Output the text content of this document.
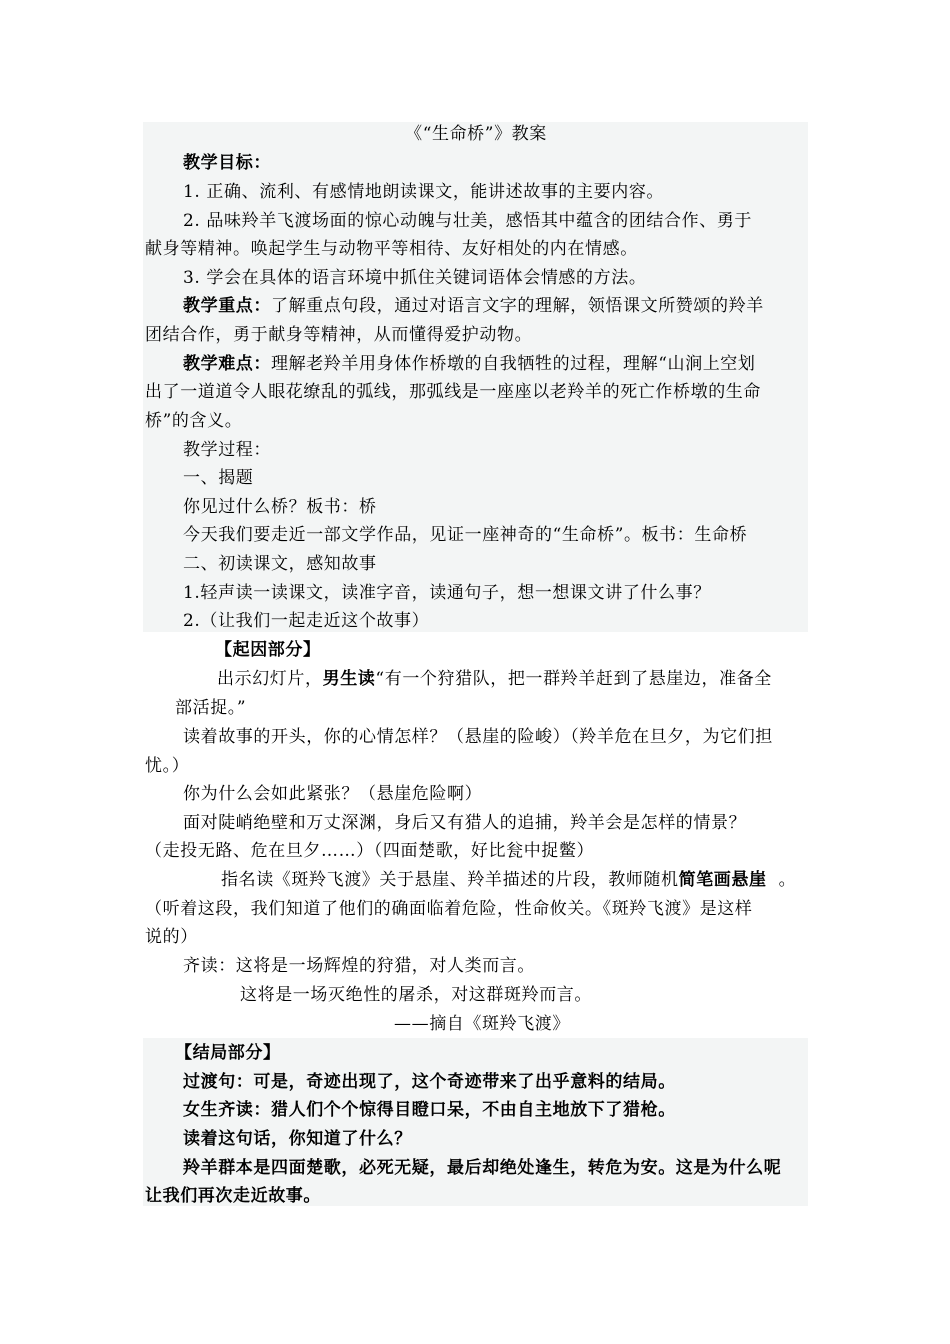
《“生命桥”》教案
教学目标：
1. 正确、流利、有感情地朗读课文，能讲述故事的主要内容。
2. 品味羚羊飞渡场面的惊心动魄与壮美，感悟其中蕴含的团结合作、勇于
献身等精神。唤起学生与动物平等相待、友好相处的内在情感。
3. 学会在具体的语言环境中抓住关键词语体会情感的方法。
教学重点：了解重点句段，通过对语言文字的理解，领悟课文所赞颂的羚羊
团结合作，勇于献身等精神，从而懂得爱护动物。
教学难点：理解老羚羊用身体作桥墩的自我牺牲的过程，理解“山涧上空划
出了一道道令人眼花缭乱的弧线，那弧线是一座座以老羚羊的死亡作桥墩的生命
桥”的含义。
教学过程：
一、揭题
你见过什么桥？板书：桥
今天我们要走近一部文学作品，见证一座神奇的“生命桥”。板书：生命桥
二、初读课文，感知故事
1.轻声读一读课文，读准字音，读通句子，想一想课文讲了什么事？
2.（让我们一起走近这个故事）
【起因部分】
出示幻灯片，男生读“有一个狩猎队，把一群羚羊赶到了悬崖边，准备全
部活捉。”
读着故事的开头，你的心情怎样？（悬崖的险峻）（羚羊危在旦夕，为它们担
忧。）
你为什么会如此紧张？（悬崖危险啊）
面对陡峭绝壁和万丈深渊，身后又有猎人的追捕，羚羊会是怎样的情景？
（走投无路、危在旦夕……）（四面楚歌，好比瓮中捉鳖）
指名读《斑羚飞渡》关于悬崖、羚羊描述的片段，教师随机简笔画悬崖 。
（听着这段，我们知道了他们的确面临着危险，性命攸关。《斑羚飞渡》是这样
说的）
齐读：这将是一场辉煌的狩猎，对人类而言。
这将是一场灭绝性的屠杀，对这群斑羚而言。
——摘自《斑羚飞渡》
【结局部分】
过渡句：可是，奇迹出现了，这个奇迹带来了出乎意料的结局。
女生齐读：猎人们个个惊得目瞪口呆，不由自主地放下了猎枪。
读着这句话，你知道了什么？
羚羊群本是四面楚歌，必死无疑，最后却绝处逢生，转危为安。这是为什么呢
让我们再次走近故事。
